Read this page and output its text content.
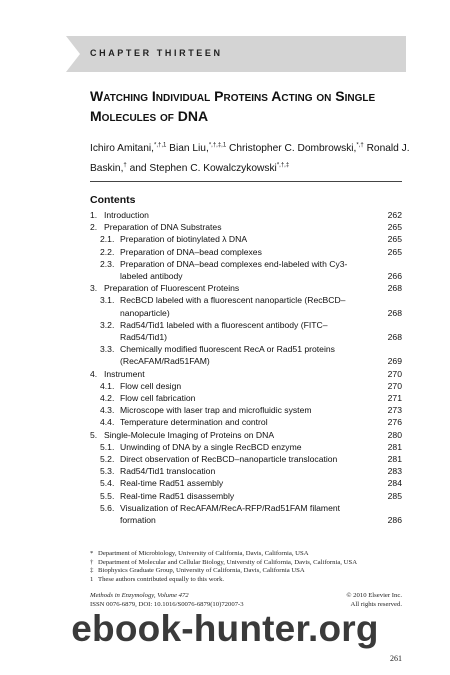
CHAPTER THIRTEEN
Watching Individual Proteins Acting on Single Molecules of DNA
Ichiro Amitani,$^{*,\dagger,1}$ Bian Liu,$^{*,\dagger,\ddagger,1}$ Christopher C. Dombrowski,*,† Ronald J. Baskin,† and Stephen C. Kowalczykowski*,†,‡
Contents
1. Introduction	262
2. Preparation of DNA Substrates	265
2.1. Preparation of biotinylated λ DNA	265
2.2. Preparation of DNA–bead complexes	265
2.3. Preparation of DNA–bead complexes end-labeled with Cy3-labeled antibody	266
3. Preparation of Fluorescent Proteins	268
3.1. RecBCD labeled with a fluorescent nanoparticle (RecBCD–nanoparticle)	268
3.2. Rad54/Tid1 labeled with a fluorescent antibody (FITC–Rad54/Tid1)	268
3.3. Chemically modified fluorescent RecA or Rad51 proteins (RecAFAM/Rad51FAM)	269
4. Instrument	270
4.1. Flow cell design	270
4.2. Flow cell fabrication	271
4.3. Microscope with laser trap and microfluidic system	273
4.4. Temperature determination and control	276
5. Single-Molecule Imaging of Proteins on DNA	280
5.1. Unwinding of DNA by a single RecBCD enzyme	281
5.2. Direct observation of RecBCD–nanoparticle translocation	281
5.3. Rad54/Tid1 translocation	283
5.4. Real-time Rad51 assembly	284
5.5. Real-time Rad51 disassembly	285
5.6. Visualization of RecAFAM/RecA-RFP/Rad51FAM filament formation	286
* Department of Microbiology, University of California, Davis, California, USA
† Department of Molecular and Cellular Biology, University of California, Davis, California, USA
‡ Biophysics Graduate Group, University of California, Davis, California USA
1 These authors contributed equally to this work.
Methods in Enzymology, Volume 472	© 2010 Elsevier Inc.
ISSN 0076-6879, DOI: 10.1016/S0076-6879(10)72007-3	All rights reserved.
ebook-hunter.org
261
